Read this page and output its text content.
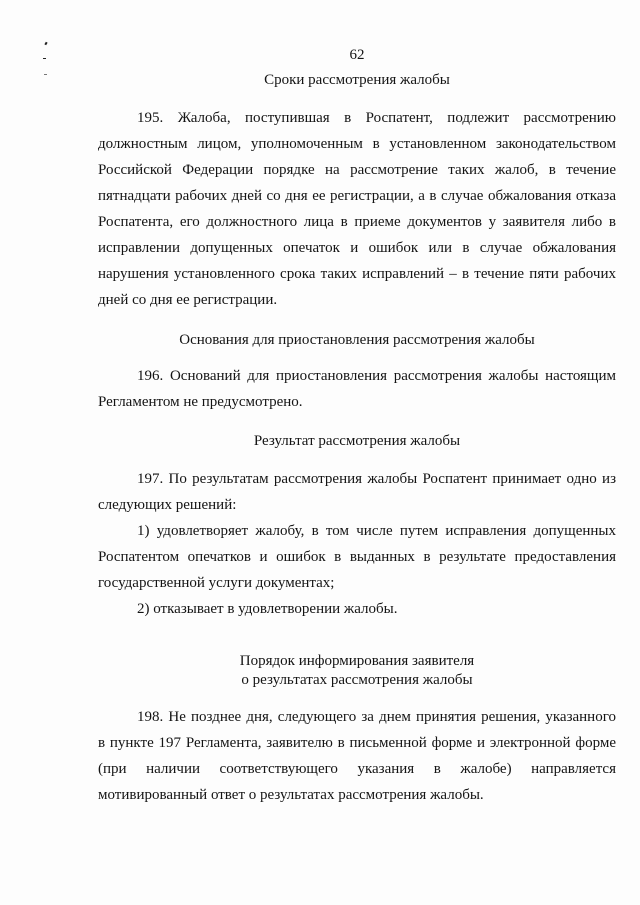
62
Сроки рассмотрения жалобы
195. Жалоба, поступившая в Роспатент, подлежит рассмотрению
должностным лицом, уполномоченным в установленном законодательством
Российской Федерации порядке на рассмотрение таких жалоб, в течение
пятнадцати рабочих дней со дня ее регистрации, а в случае обжалования отказа
Роспатента, его должностного лица в приеме документов у заявителя либо в
исправлении допущенных опечаток и ошибок или в случае обжалования
нарушения установленного срока таких исправлений – в течение пяти рабочих
дней со дня ее регистрации.
Основания для приостановления рассмотрения жалобы
196. Оснований для приостановления рассмотрения жалобы настоящим
Регламентом не предусмотрено.
Результат рассмотрения жалобы
197. По результатам рассмотрения жалобы Роспатент принимает одно из
следующих решений:
1) удовлетворяет жалобу, в том числе путем исправления допущенных
Роспатентом опечатков и ошибок в выданных в результате предоставления
государственной услуги документах;
2) отказывает в удовлетворении жалобы.
Порядок информирования заявителя
о результатах рассмотрения жалобы
198. Не позднее дня, следующего за днем принятия решения, указанного
в пункте 197 Регламента, заявителю в письменной форме и электронной форме
(при наличии соответствующего указания в жалобе) направляется
мотивированный ответ о результатах рассмотрения жалобы.
